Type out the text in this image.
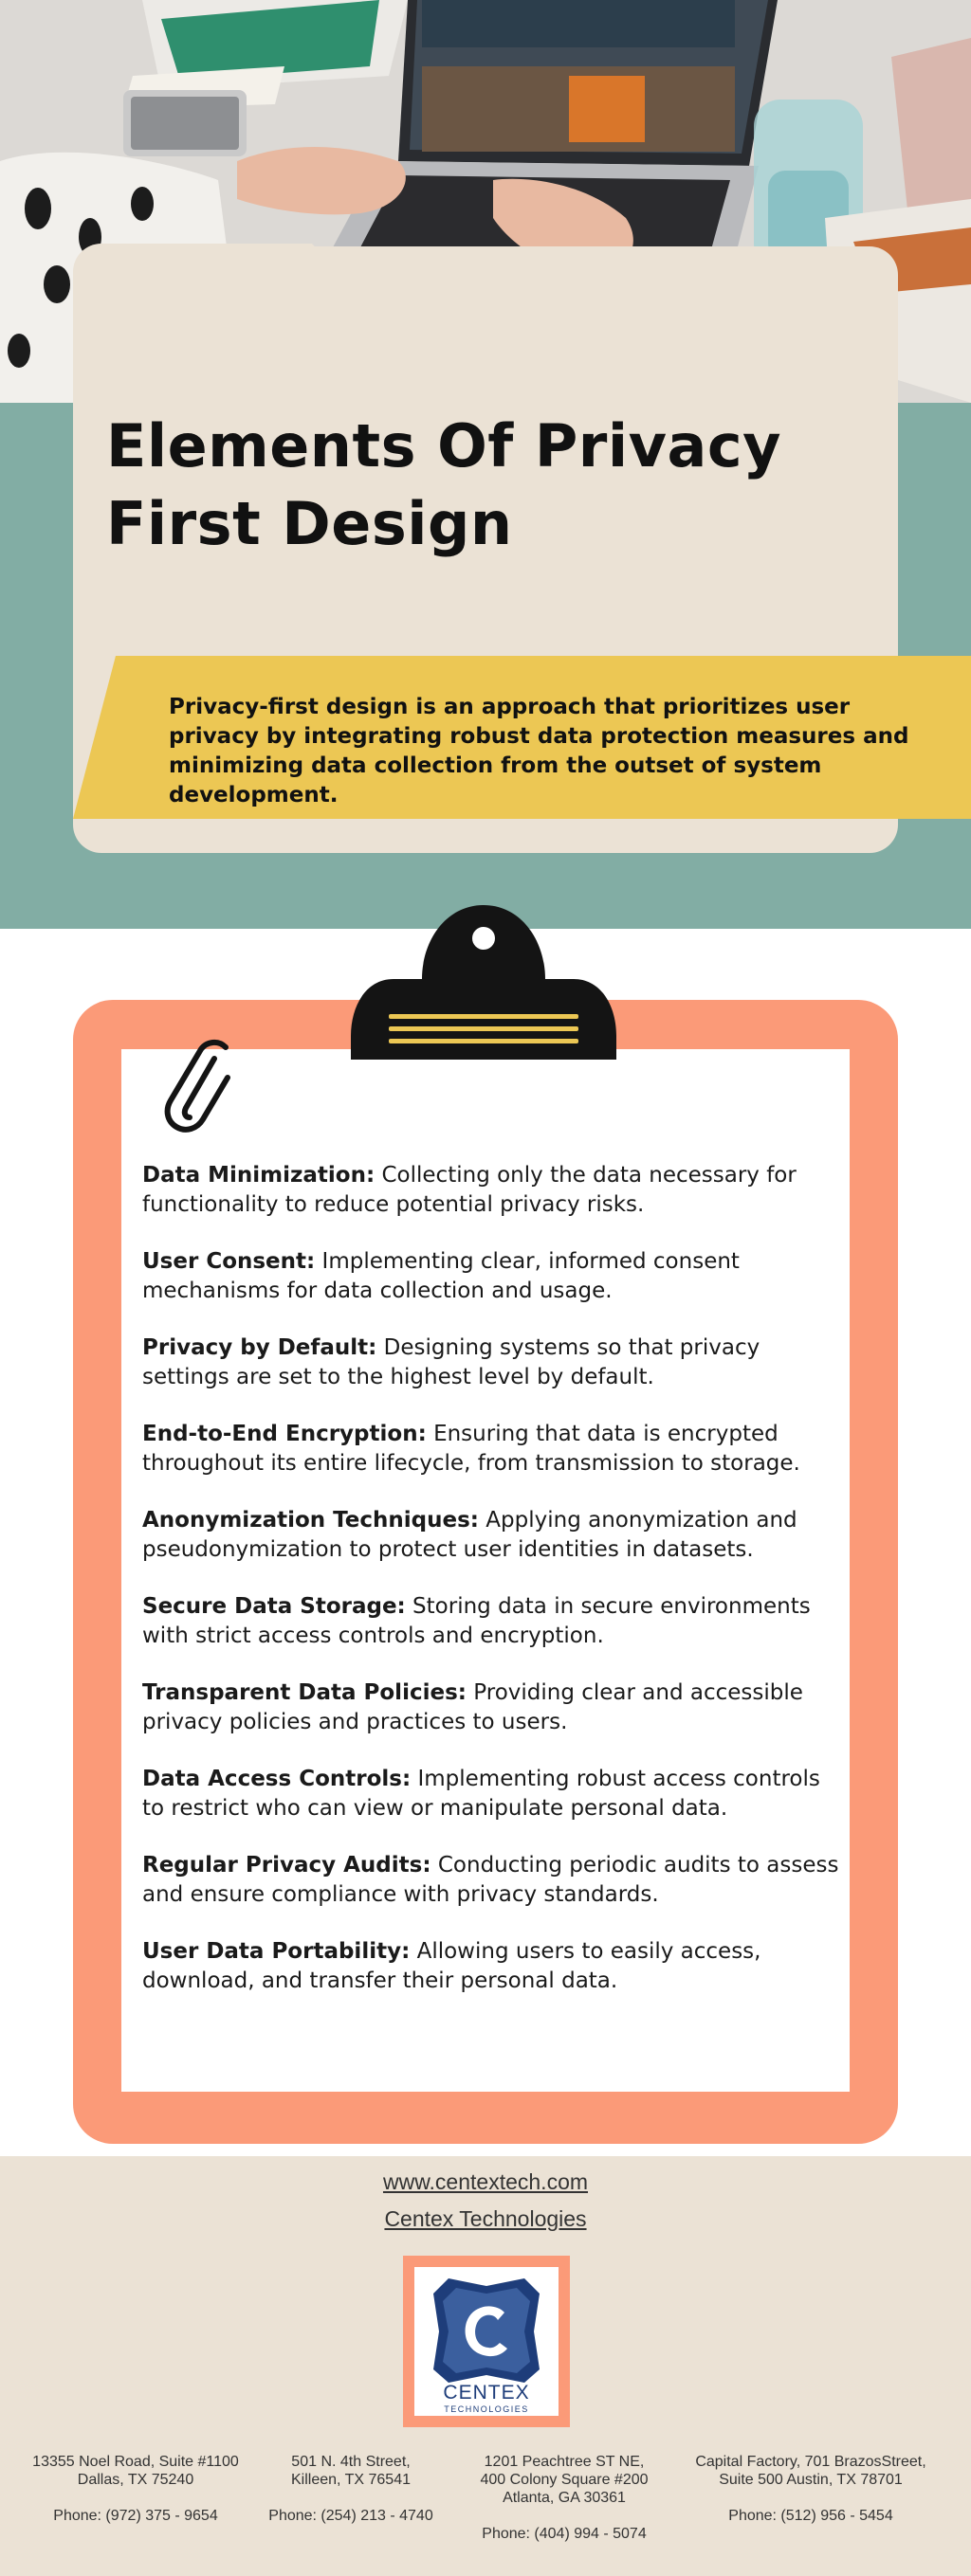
Elements Of Privacy
First Design

Privacy-first design is an approach that prioritizes user privacy by integrating robust data protection measures and minimizing data collection from the outset of system development.

Data Minimization: Collecting only the data necessary for functionality to reduce potential privacy risks.

User Consent: Implementing clear, informed consent mechanisms for data collection and usage.

Privacy by Default: Designing systems so that privacy settings are set to the highest level by default.

End-to-End Encryption: Ensuring that data is encrypted throughout its entire lifecycle, from transmission to storage.

Anonymization Techniques: Applying anonymization and pseudonymization to protect user identities in datasets.

Secure Data Storage: Storing data in secure environments with strict access controls and encryption.

Transparent Data Policies: Providing clear and accessible privacy policies and practices to users.

Data Access Controls: Implementing robust access controls to restrict who can view or manipulate personal data.

Regular Privacy Audits: Conducting periodic audits to assess and ensure compliance with privacy standards.

User Data Portability: Allowing users to easily access, download, and transfer their personal data.

www.centextech.com
Centex Technologies
CENTEX
TECHNOLOGIES

13355 Noel Road, Suite #1100

Dallas, TX 75240

Phone: (972) 375 - 9654

501 N. 4th Street,

Killeen, TX 76541

Phone: (254) 213 - 4740

1201 Peachtree ST NE,

400 Colony Square #200

Atlanta, GA 30361

Phone: (404) 994 - 5074

Capital Factory, 701 BrazosStreet,

Suite 500 Austin, TX 78701

Phone: (512) 956 - 5454
